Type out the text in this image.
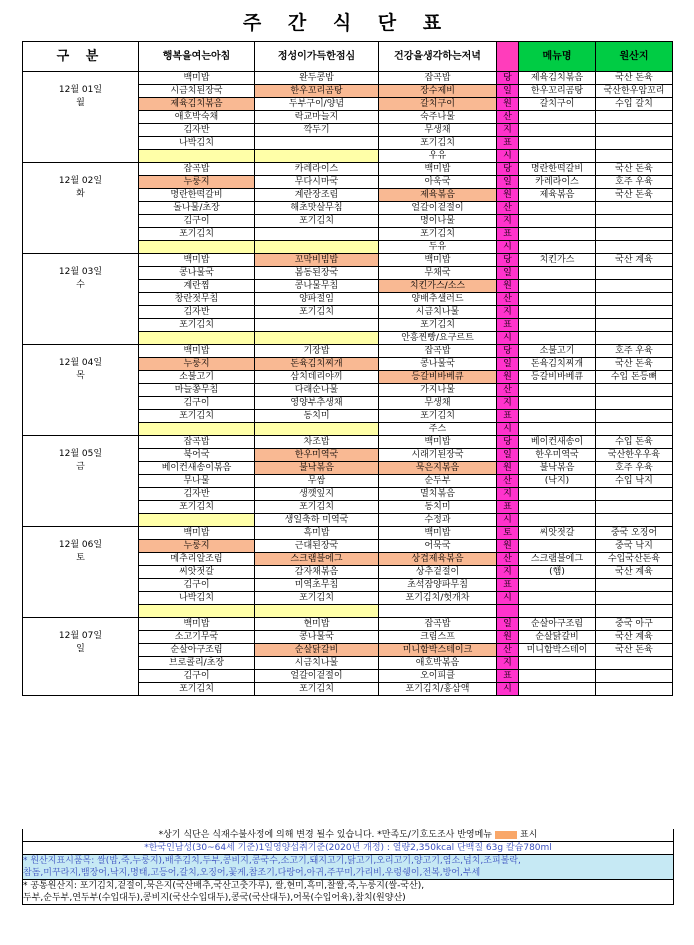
주 간 식 단 표
구 분	행복을여는아침	정성이가득한점심	건강을생각하는저녁		메뉴명	원산지

12월 01일
월	백미밥	완두콩밥	잡곡밥	당	제육김치볶음	국산 돈육
	시금치된장국	한우꼬리곰탕	장수제비	일	한우꼬리곰탕	국산한우암꼬리
	제육김치볶음	두부구이/양념	갈치구이	원	갈치구이	수입 갈치
	애호박숙채	락교마늘지	숙주나물	산		
	김자반	깍두기	무생채	지		
	나박김치		포기김치	표		
			우유	시		

12월 02일
화	잡곡밥	카레라이스	백미밥	당	명란한떡갈비	국산 돈육
	누룽지	무다시마국	아욱국	일	카레라이스	호주 우육
	명란한떡갈비	계란장조림	제육볶음	원	제육볶음	국산 돈육
	돌나물/초장	해초맛살무침	얼갈이겉절이	산		
	김구이	포기김치	명이나물	지		
	포기김치		포기김치	표		
			두유	시		

12월 03일
수	백미밥	꼬막비빔밥	백미밥	당	치킨가스	국산 계육
	콩나물국	봄동된장국	무채국	일		
	계란찜	콩나물무침	치킨가스/소스	원		
	창란젓무침	양파절임	양배추샐러드	산		
	김자반	포기김치	시금치나물	지		
	포기김치		포기김치	표		
			안흥찐빵/요구르트	시		

12월 04일
목	백미밥	기장밥	잡곡밥	당	소불고기	호주 우육
	누룽지	돈육김치찌개	콩나물국	일	돈육김치찌개	국산 돈육
	소불고기	삼치데리야끼	등갈비바베큐	원	등갈비바베큐	수입 돈등뼈
	마늘쫑무침	다래순나물	가지나물	산		
	김구이	영양부추생채	무생채	지		
	포기김치	동치미	포기김치	표		
			주스	시		

12월 05일
금	잡곡밥	차조밥	백미밥	당	베이컨새송이	수입 돈육
	북어국	한우미역국	시래기된장국	일	한우미역국	국산한우우육
	베이컨새송이볶음	불낙볶음	묵은지볶음	원	불낙볶음	호주 우육
	무나물	무쌈	순두부	산	(낙지)	수입 낙지
	김자반	생깻잎지	멸치볶음	지		
	포기김치	포기김치	동치미	표		
		생일축하 미역국	수정과	시		

12월 06일
토	백미밥	흑미밥	백미밥	토	씨앗젓갈	중국 오징어
	누룽지	근대된장국	어묵국	원		중국 낙지
	메추리알조림	스크램블에그	상겹제육볶음	산	스크램블에그	수입국산돈육
	씨앗젓갈	감자채볶음	상추겉절이	지	(햄)	국산 계육
	김구이	미역초무침	초석잠양파무침	표		
	나박김치	포기김치	포기김치/헛개차	시		

12월 07일
일	백미밥	현미밥	잡곡밥	일	순살아구조림	중국 아구
	소고기무국	콩나물국	크림스프	원	순살닭갈비	국산 계육
	순살아구조림	순살닭갈비	미니함박스테이크	산	미니함박스테이	국산 돈육
	브로콜리/초장	시금치나물	애호박볶음	지		
	김구이	얼갈이겉절이	오이피클	표		
	포기김치	포기김치	포기김치/홍삼액	시		
*상기 식단은 식재수불사정에 의해 변경 될수 있습니다. *만족도/기호도조사 반영메뉴	표시
*한국인남성(30~64세 기준)1일영양섭취기준(2020년 개정) : 열량2,350kcal 단백질 63g 칼슘780ml
* 원산지표시품목: 쌀(밥,죽,누룽지),배추김치,두부,콩비지,콩국수,소고기,돼지고기,닭고기,오리고기,양고기,염소,넙치,조피볼락,
참돔,미꾸라지,뱀장어,낙지,명태,고등어,갈치,오징어,꽃게,참조기,다랑어,아귀,주꾸미,가리비,우렁쉥이,전복,방어,부세
* 공통원산지: 포기김치,겉절이,묵은지(국산배추,국산고춧가루), 쌀,현미,흑미,찰쌀,죽,누룽지(쌀-국산),
두부,순두부,연두부(수입대두),콩비지(국산수입대두),콩국(국산대두),어묵(수입어육),참치(원양산)
